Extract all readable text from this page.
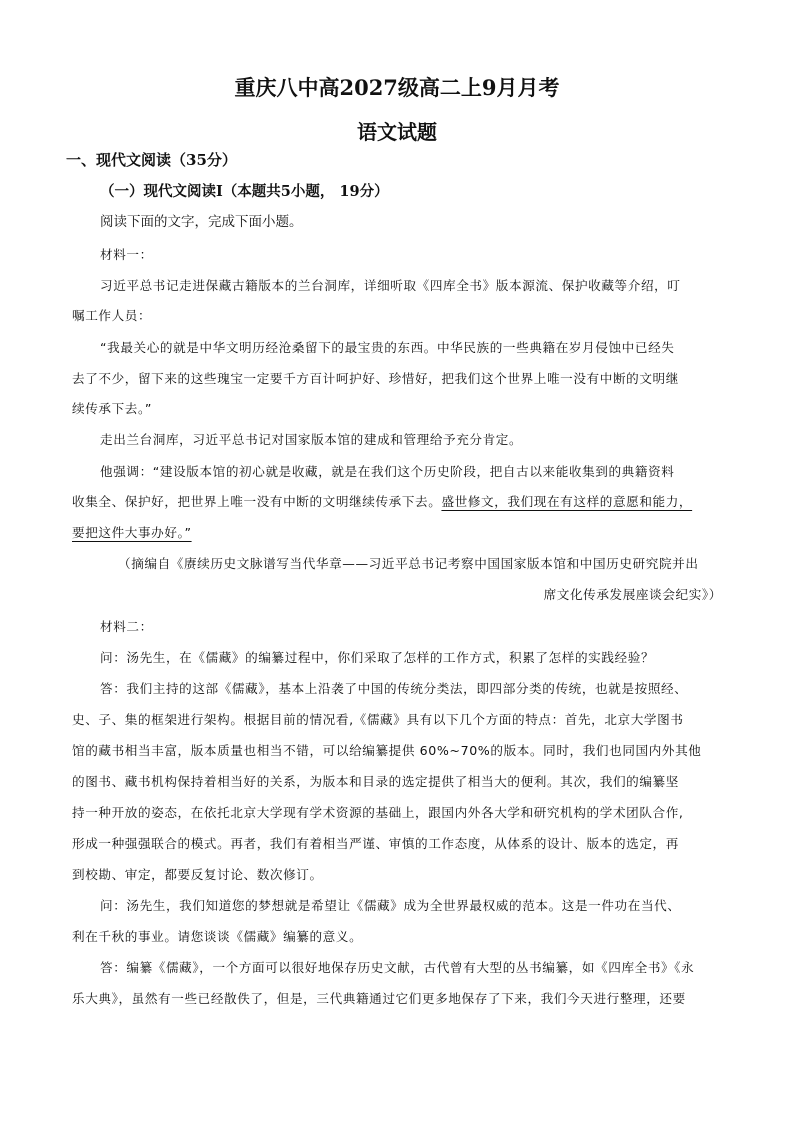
重庆八中高2027级高二上9月月考
语文试题
一、现代文阅读（35分）
（一）现代文阅读Ⅰ（本题共5小题， 19分）
阅读下面的文字，完成下面小题。
材料一：
习近平总书记走进保藏古籍版本的兰台洞库，详细听取《四库全书》版本源流、保护收藏等介绍，叮
嘱工作人员：
“我最关心的就是中华文明历经沧桑留下的最宝贵的东西。中华民族的一些典籍在岁月侵蚀中已经失
去了不少，留下来的这些瑰宝一定要千方百计呵护好、珍惜好，把我们这个世界上唯一没有中断的文明继
续传承下去。”
走出兰台洞库，习近平总书记对国家版本馆的建成和管理给予充分肯定。
他强调：“建设版本馆的初心就是收藏，就是在我们这个历史阶段，把自古以来能收集到的典籍资料
收集全、保护好，把世界上唯一没有中断的文明继续传承下去。盛世修文，我们现在有这样的意愿和能力，
要把这件大事办好。”
（摘编自《赓续历史文脉谱写当代华章——习近平总书记考察中国国家版本馆和中国历史研究院并出
席文化传承发展座谈会纪实》）
材料二：
问：汤先生，在《儒藏》的编纂过程中，你们采取了怎样的工作方式，积累了怎样的实践经验？
答：我们主持的这部《儒藏》，基本上沿袭了中国的传统分类法，即四部分类的传统，也就是按照经、
史、子、集的框架进行架构。根据目前的情况看,《儒藏》具有以下几个方面的特点：首先，北京大学图书
馆的藏书相当丰富，版本质量也相当不错，可以给编纂提供 60%~70%的版本。同时，我们也同国内外其他
的图书、藏书机构保持着相当好的关系，为版本和目录的选定提供了相当大的便利。其次，我们的编纂坚
持一种开放的姿态，在依托北京大学现有学术资源的基础上，跟国内外各大学和研究机构的学术团队合作,
形成一种强强联合的模式。再者，我们有着相当严谨、审慎的工作态度，从体系的设计、版本的选定，再
到校勘、审定，都要反复讨论、数次修订。
问：汤先生，我们知道您的梦想就是希望让《儒藏》成为全世界最权威的范本。这是一件功在当代、
利在千秋的事业。请您谈谈《儒藏》编纂的意义。
答：编纂《儒藏》，一个方面可以很好地保存历史文献，古代曾有大型的丛书编纂，如《四库全书》《永
乐大典》，虽然有一些已经散佚了，但是，三代典籍通过它们更多地保存了下来，我们今天进行整理，还要
